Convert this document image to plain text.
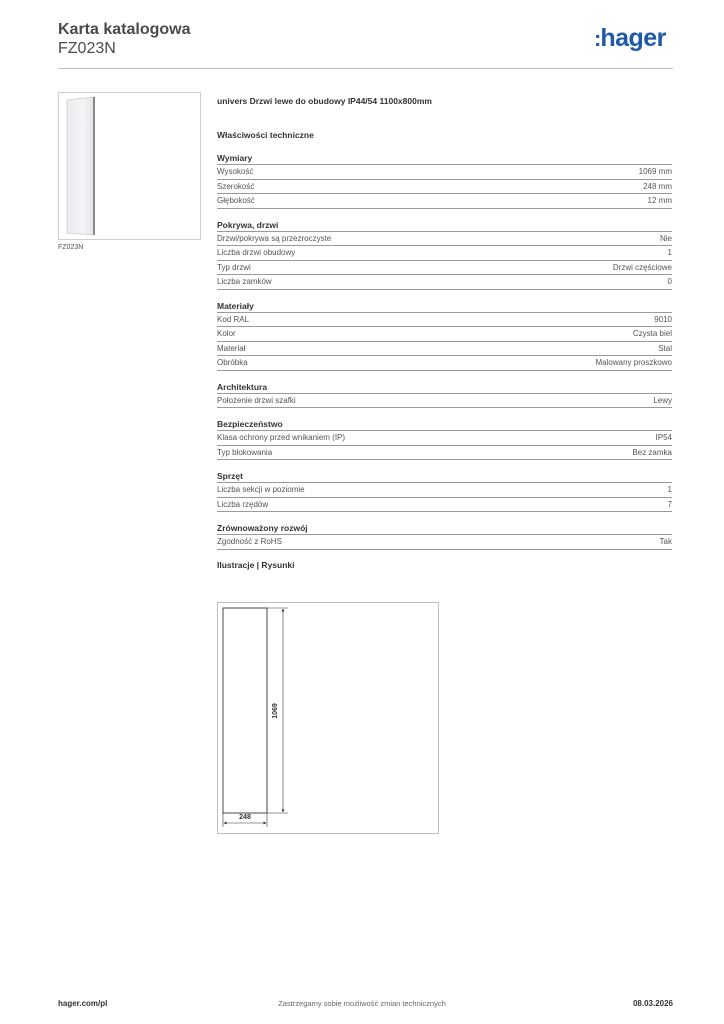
Karta katalogowa
FZ023N	:hager
FZ023N
univers Drzwi lewe do obudowy IP44/54 1100x800mm
Właściwości techniczne
Wymiary
Wysokość	1069 mm
Szerokość	248 mm
Głębokość	12 mm
Pokrywa, drzwi
Drzwi/pokrywa są przezroczyste	Nie
Liczba drzwi obudowy	1
Typ drzwi	Drzwi częściowe
Liczba zamków	0
Materiały
Kod RAL	9010
Kolor	Czysta biel
Materiał	Stal
Obróbka	Malowany proszkowo
Architektura
Położenie drzwi szafki	Lewy
Bezpieczeństwo
Klasa ochrony przed wnikaniem (IP)	IP54
Typ blokowania	Bez zamka
Sprzęt
Liczba sekcji w poziomie	1
Liczba rzędów	7
Zrównoważony rozwój
Zgodność z RoHS	Tak
Ilustracje | Rysunki
1069
248
hager.com/pl	Zastrzegamy sobie możliwość zmian technicznych	08.03.2026
